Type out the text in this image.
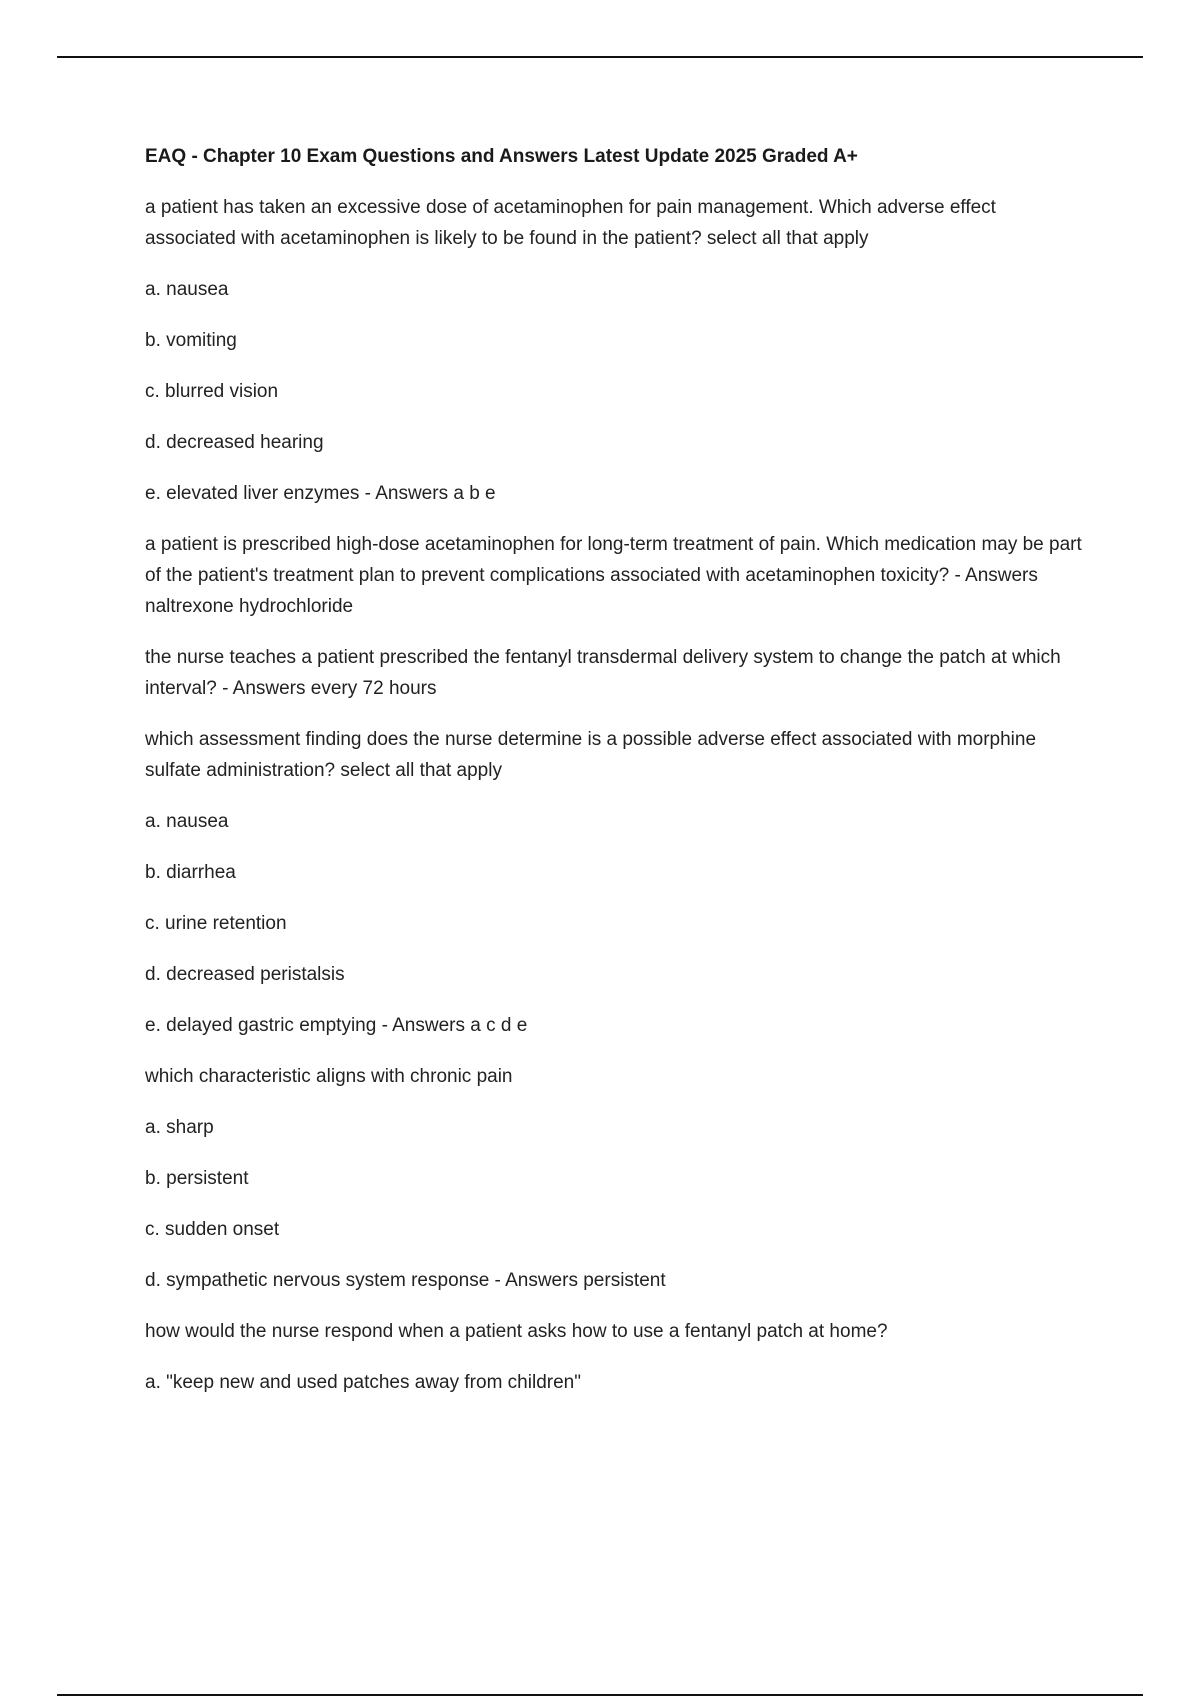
EAQ - Chapter 10 Exam Questions and Answers Latest Update 2025 Graded A+

a patient has taken an excessive dose of acetaminophen for pain management. Which adverse effect associated with acetaminophen is likely to be found in the patient? select all that apply

a. nausea

b. vomiting

c. blurred vision

d. decreased hearing

e. elevated liver enzymes - Answers a b e

a patient is prescribed high-dose acetaminophen for long-term treatment of pain. Which medication may be part of the patient's treatment plan to prevent complications associated with acetaminophen toxicity? - Answers naltrexone hydrochloride

the nurse teaches a patient prescribed the fentanyl transdermal delivery system to change the patch at which interval? - Answers every 72 hours

which assessment finding does the nurse determine is a possible adverse effect associated with morphine sulfate administration? select all that apply

a. nausea

b. diarrhea

c. urine retention

d. decreased peristalsis

e. delayed gastric emptying - Answers a c d e

which characteristic aligns with chronic pain

a. sharp

b. persistent

c. sudden onset

d. sympathetic nervous system response - Answers persistent

how would the nurse respond when a patient asks how to use a fentanyl patch at home?

a. "keep new and used patches away from children"
